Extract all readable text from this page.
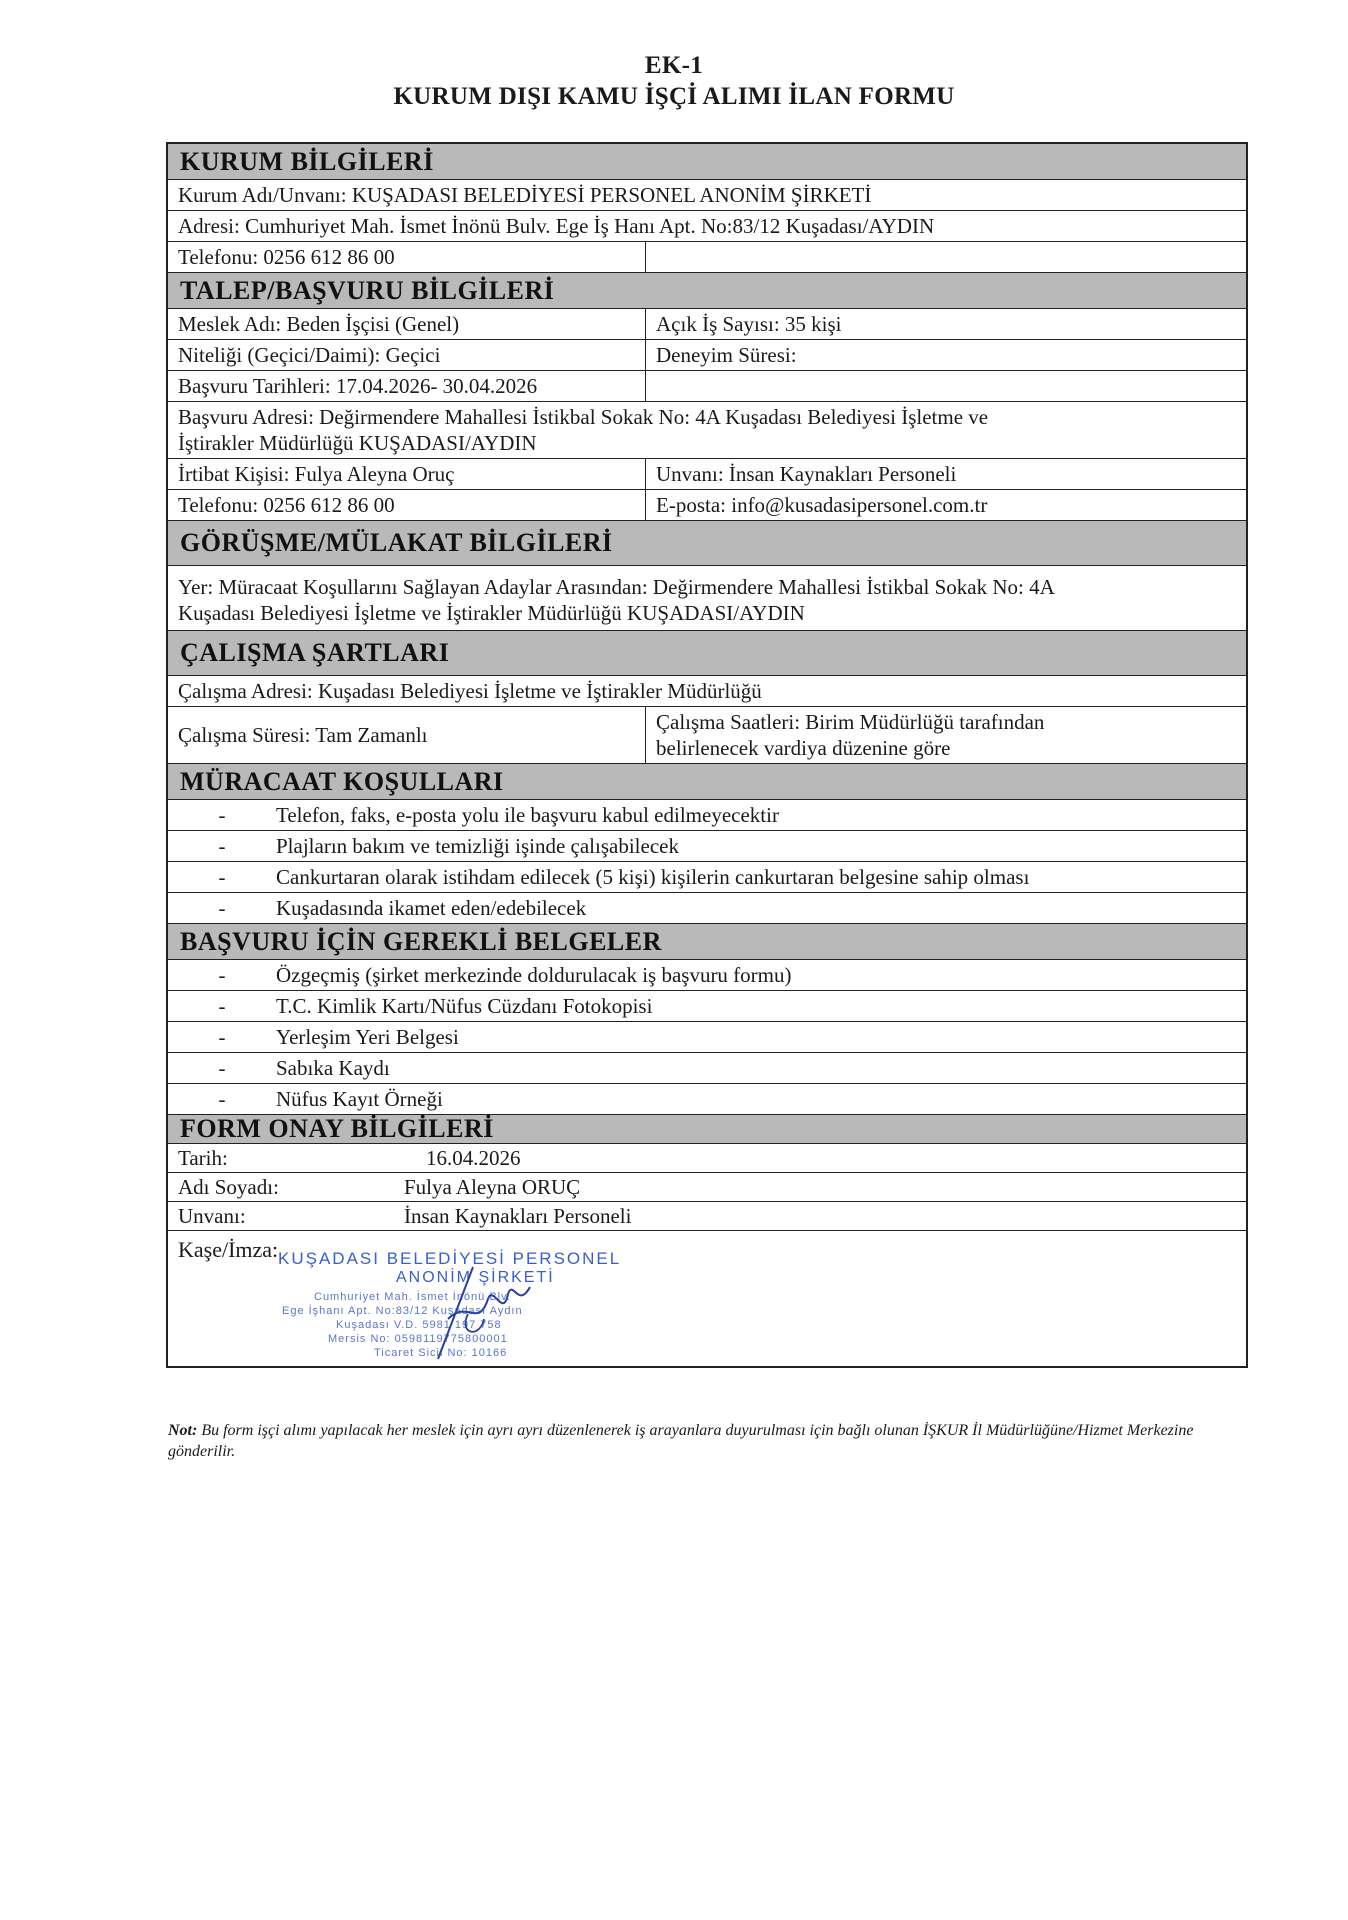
EK-1
KURUM DIŞI KAMU İŞÇİ ALIMI İLAN FORMU
KURUM BİLGİLERİ
Kurum Adı/Unvanı: KUŞADASI BELEDİYESİ PERSONEL ANONİM ŞİRKETİ
Adresi: Cumhuriyet Mah. İsmet İnönü Bulv. Ege İş Hanı Apt. No:83/12 Kuşadası/AYDIN
Telefonu: 0256 612 86 00
TALEP/BAŞVURU BİLGİLERİ
Meslek Adı: Beden İşçisi (Genel)	Açık İş Sayısı: 35 kişi
Niteliği (Geçici/Daimi): Geçici	Deneyim Süresi:
Başvuru Tarihleri: 17.04.2026- 30.04.2026
Başvuru Adresi: Değirmendere Mahallesi İstikbal Sokak No: 4A Kuşadası Belediyesi İşletme ve
İştirakler Müdürlüğü KUŞADASI/AYDIN
İrtibat Kişisi: Fulya Aleyna Oruç	Unvanı: İnsan Kaynakları Personeli
Telefonu: 0256 612 86 00	E-posta: info@kusadasipersonel.com.tr
GÖRÜŞME/MÜLAKAT BİLGİLERİ
Yer: Müracaat Koşullarını Sağlayan Adaylar Arasından: Değirmendere Mahallesi İstikbal Sokak No: 4A
Kuşadası Belediyesi İşletme ve İştirakler Müdürlüğü KUŞADASI/AYDIN
ÇALIŞMA ŞARTLARI
Çalışma Adresi: Kuşadası Belediyesi İşletme ve İştirakler Müdürlüğü
Çalışma Süresi: Tam Zamanlı
Çalışma Saatleri: Birim Müdürlüğü tarafından
belirlenecek vardiya düzenine göre
MÜRACAAT KOŞULLARI
-	Telefon, faks, e-posta yolu ile başvuru kabul edilmeyecektir
-	Plajların bakım ve temizliği işinde çalışabilecek
-	Cankurtaran olarak istihdam edilecek (5 kişi) kişilerin cankurtaran belgesine sahip olması
-	Kuşadasında ikamet eden/edebilecek
BAŞVURU İÇİN GEREKLİ BELGELER
-	Özgeçmiş (şirket merkezinde doldurulacak iş başvuru formu)
-	T.C. Kimlik Kartı/Nüfus Cüzdanı Fotokopisi
-	Yerleşim Yeri Belgesi
-	Sabıka Kaydı
-	Nüfus Kayıt Örneği
FORM ONAY BİLGİLERİ
Tarih:	16.04.2026
Adı Soyadı:	Fulya Aleyna ORUÇ
Unvanı:	İnsan Kaynakları Personeli
Kaşe/İmza: KUŞADASI BELEDİYESİ PERSONEL
ANONİM ŞİRKETİ
Cumhuriyet Mah. İsmet İnönü Blv.
Ege İşhanı Apt. No:83/12 Kuşadası Aydın
Kuşadası V.D. 5981 197 758
Mersis No: 0598119775800001
Ticaret Sicil No: 10166
Not: Bu form işçi alımı yapılacak her meslek için ayrı ayrı düzenlenerek iş arayanlara duyurulması için bağlı olunan İŞKUR İl Müdürlüğüne/Hizmet Merkezine gönderilir.
